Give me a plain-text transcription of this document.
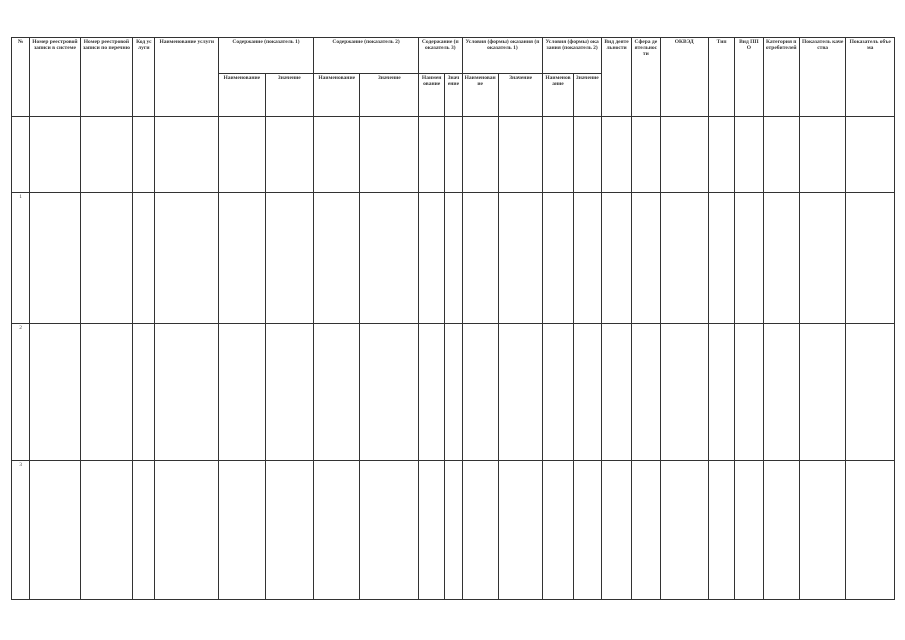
№	Номер реестровой записи в системе	Номер реестровой записи по перечню	Код услуги	Наименование услуги	Содержание (показатель 1)		Содержание (показатель 2)		Содержание (показатель 3)		Условия (формы) оказания (показатель 1)		Условия (формы) оказания (показатель 2)		Вид деятельности	Сфера деятельности	ОКВЭД	Тип	Вид ППО	Категория потребителей	Показатель качества	Показатель объема
					Наименование	Значение	Наименование	Значение	Наименование	Значение	Наименование	Значение	Наименование	Значение								

1																						
2																						
3																						
